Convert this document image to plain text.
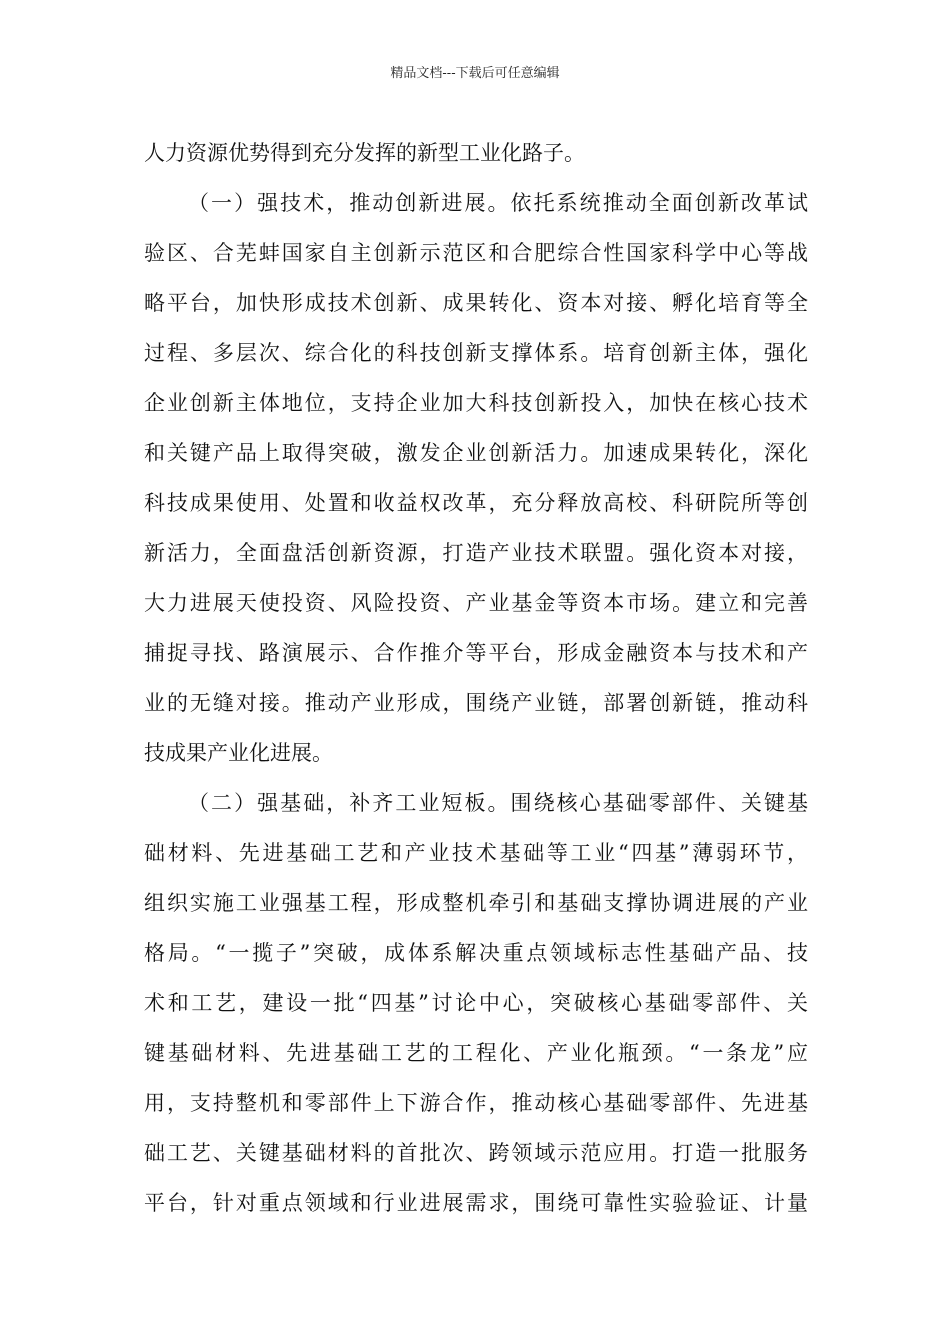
精品文档---下载后可任意编辑
人力资源优势得到充分发挥的新型工业化路子。
（一）强技术，推动创新进展。依托系统推动全面创新改革试
验区、合芜蚌国家自主创新示范区和合肥综合性国家科学中心等战
略平台，加快形成技术创新、成果转化、资本对接、孵化培育等全
过程、多层次、综合化的科技创新支撑体系。培育创新主体，强化
企业创新主体地位，支持企业加大科技创新投入，加快在核心技术
和关键产品上取得突破，激发企业创新活力。加速成果转化，深化
科技成果使用、处置和收益权改革，充分释放高校、科研院所等创
新活力，全面盘活创新资源，打造产业技术联盟。强化资本对接，
大力进展天使投资、风险投资、产业基金等资本市场。建立和完善
捕捉寻找、路演展示、合作推介等平台，形成金融资本与技术和产
业的无缝对接。推动产业形成，围绕产业链，部署创新链，推动科
技成果产业化进展。
（二）强基础，补齐工业短板。围绕核心基础零部件、关键基
础材料、先进基础工艺和产业技术基础等工业“四基”薄弱环节，
组织实施工业强基工程，形成整机牵引和基础支撑协调进展的产业
格局。“一揽子”突破，成体系解决重点领域标志性基础产品、技
术和工艺，建设一批“四基”讨论中心，突破核心基础零部件、关
键基础材料、先进基础工艺的工程化、产业化瓶颈。“一条龙”应
用，支持整机和零部件上下游合作，推动核心基础零部件、先进基
础工艺、关键基础材料的首批次、跨领域示范应用。打造一批服务
平台，针对重点领域和行业进展需求，围绕可靠性实验验证、计量
